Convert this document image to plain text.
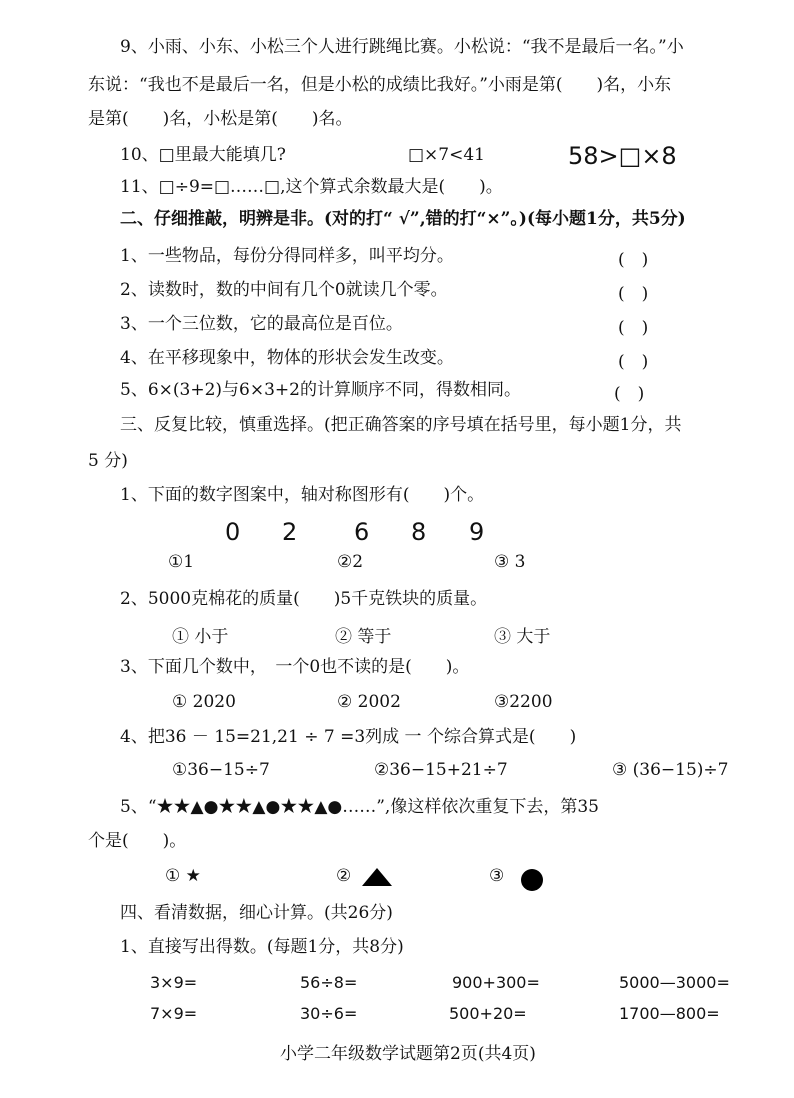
9、小雨、小东、小松三个人进行跳绳比赛。小松说：“我不是最后一名。”小
东说：“我也不是最后一名，但是小松的成绩比我好。”小雨是第(　　)名，小东
是第(　　)名，小松是第(　　)名。
10、□里最大能填几?	□×7<41	58>□×8
11、□÷9=□……□,这个算式余数最大是(　　)。
二、仔细推敲，明辨是非。(对的打“ √”,错的打“×”。)(每小题1分，共5分)
1、一些物品，每份分得同样多，叫平均分。	(　)
2、读数时，数的中间有几个0就读几个零。	(　)
3、一个三位数，它的最高位是百位。	(　)
4、在平移现象中，物体的形状会发生改变。	(　)
5、6×(3+2)与6×3+2的计算顺序不同，得数相同。	(　)
三、反复比较，慎重选择。(把正确答案的序号填在括号里，每小题1分，共
5 分)
1、下面的数字图案中，轴对称图形有(　　)个。
0 2 6 8 9
①1	②2	③ 3
2、5000克棉花的质量(　　)5千克铁块的质量。
① 小于	② 等于	③ 大于
3、下面几个数中，　一个0也不读的是(　　)。
① 2020	② 2002	③2200
4、把36 － 15=21,21 ÷ 7 =3列成 一 个综合算式是(　　)
①36−15÷7	②36−15+21÷7	③ (36−15)÷7
5、“★★▲●★★▲●★★▲●……”,像这样依次重复下去，第35
个是(　　)。
① ★	②	③
四、看清数据，细心计算。(共26分)
1、直接写出得数。(每题1分，共8分)
3×9=	56÷8=	900+300=	5000—3000=
7×9=	30÷6=	500+20=	1700—800=
小学二年级数学试题第2页(共4页)
